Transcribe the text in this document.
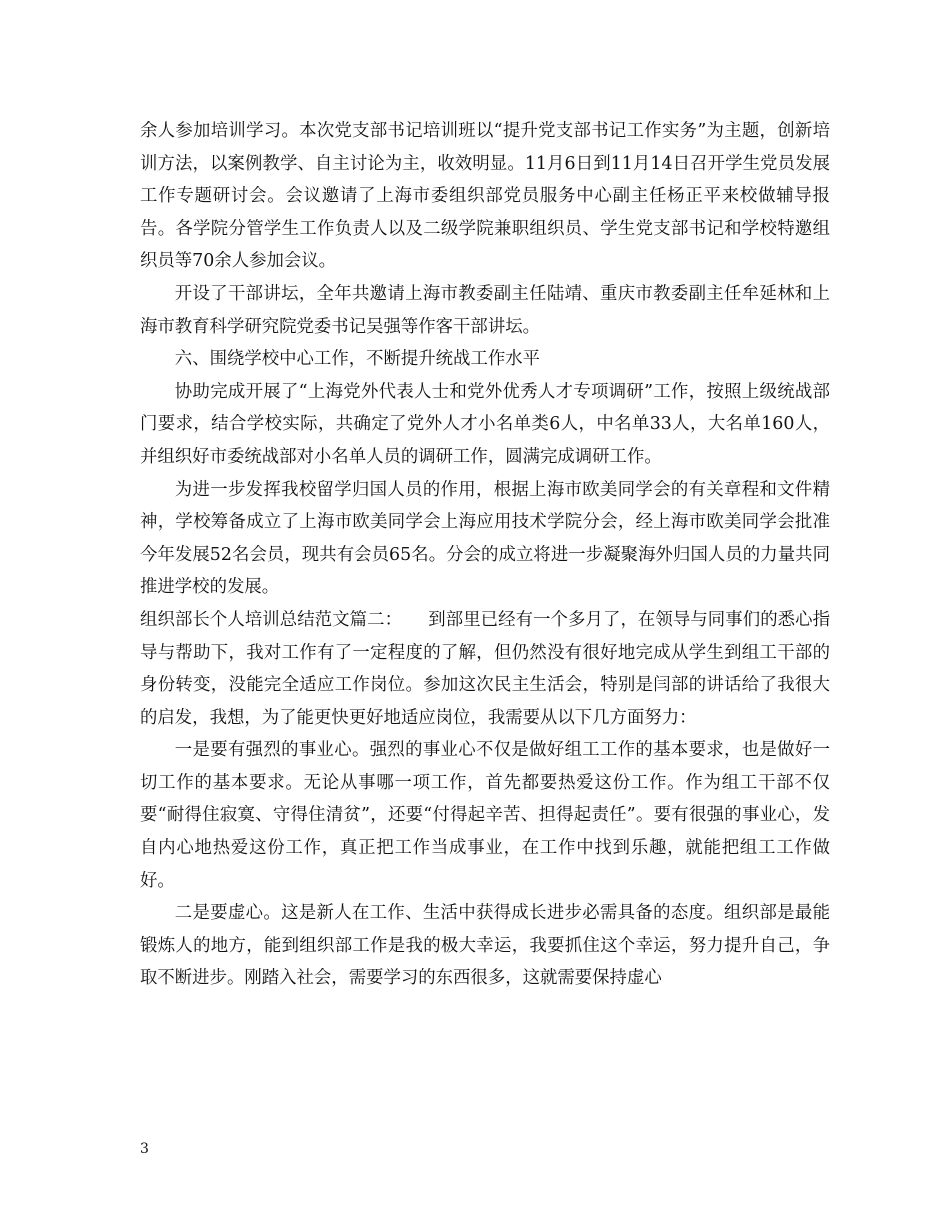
余人参加培训学习。本次党支部书记培训班以“提升党支部书记工作实务”为主题，创新培训方法，以案例教学、自主讨论为主，收效明显。11月6日到11月14日召开学生党员发展工作专题研讨会。会议邀请了上海市委组织部党员服务中心副主任杨正平来校做辅导报告。各学院分管学生工作负责人以及二级学院兼职组织员、学生党支部书记和学校特邀组织员等70余人参加会议。

开设了干部讲坛，全年共邀请上海市教委副主任陆靖、重庆市教委副主任牟延林和上海市教育科学研究院党委书记吴强等作客干部讲坛。

六、围绕学校中心工作，不断提升统战工作水平

协助完成开展了“上海党外代表人士和党外优秀人才专项调研”工作，按照上级统战部门要求，结合学校实际，共确定了党外人才小名单类6人，中名单33人，大名单160人，并组织好市委统战部对小名单人员的调研工作，圆满完成调研工作。

为进一步发挥我校留学归国人员的作用，根据上海市欧美同学会的有关章程和文件精神，学校筹备成立了上海市欧美同学会上海应用技术学院分会，经上海市欧美同学会批准今年发展52名会员，现共有会员65名。分会的成立将进一步凝聚海外归国人员的力量共同推进学校的发展。

组织部长个人培训总结范文篇二：　　到部里已经有一个多月了，在领导与同事们的悉心指导与帮助下，我对工作有了一定程度的了解，但仍然没有很好地完成从学生到组工干部的身份转变，没能完全适应工作岗位。参加这次民主生活会，特别是闫部的讲话给了我很大的启发，我想，为了能更快更好地适应岗位，我需要从以下几方面努力：

一是要有强烈的事业心。强烈的事业心不仅是做好组工工作的基本要求，也是做好一切工作的基本要求。无论从事哪一项工作，首先都要热爱这份工作。作为组工干部不仅要“耐得住寂寞、守得住清贫”，还要“付得起辛苦、担得起责任”。要有很强的事业心，发自内心地热爱这份工作，真正把工作当成事业，在工作中找到乐趣，就能把组工工作做好。

二是要虚心。这是新人在工作、生活中获得成长进步必需具备的态度。组织部是最能锻炼人的地方，能到组织部工作是我的极大幸运，我要抓住这个幸运，努力提升自己，争取不断进步。刚踏入社会，需要学习的东西很多，这就需要保持虚心

3
